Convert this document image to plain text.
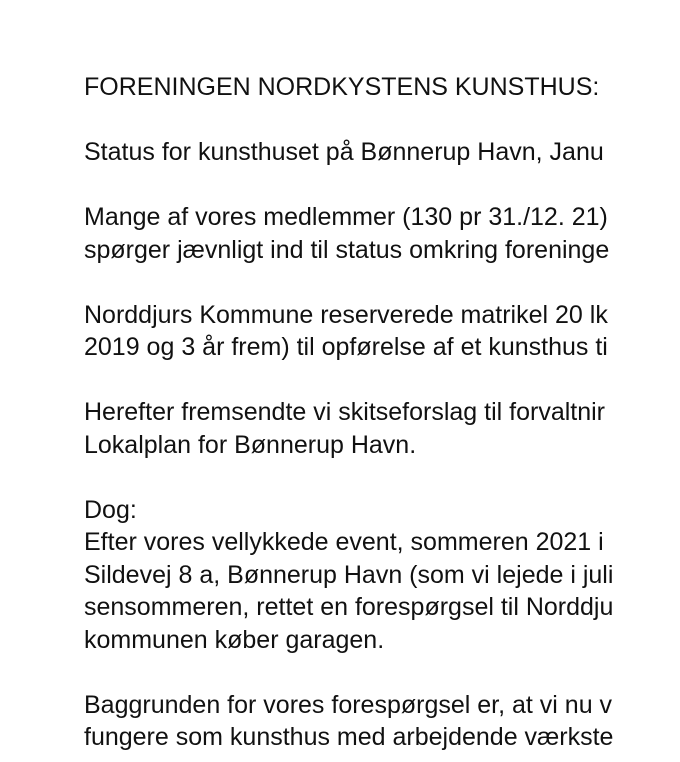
FORENINGEN NORDKYSTENS KUNSTHUS:
Status for kunsthuset på Bønnerup Havn, Janu
Mange af vores medlemmer (130 pr 31./12. 21)
spørger jævnligt ind til status omkring foreninge
Norddjurs Kommune reserverede matrikel 20 lk
2019 og 3 år frem) til opførelse af et kunsthus ti
Herefter fremsendte vi skitseforslag til forvaltnir
Lokalplan for Bønnerup Havn.
Dog:
Efter vores vellykkede event, sommeren 2021 i
Sildevej 8 a, Bønnerup Havn (som vi lejede i juli
sensommeren, rettet en forespørgsel til Norddju
kommunen køber garagen.
Baggrunden for vores forespørgsel er, at vi nu v
fungere som kunsthus med arbejdende værkste
